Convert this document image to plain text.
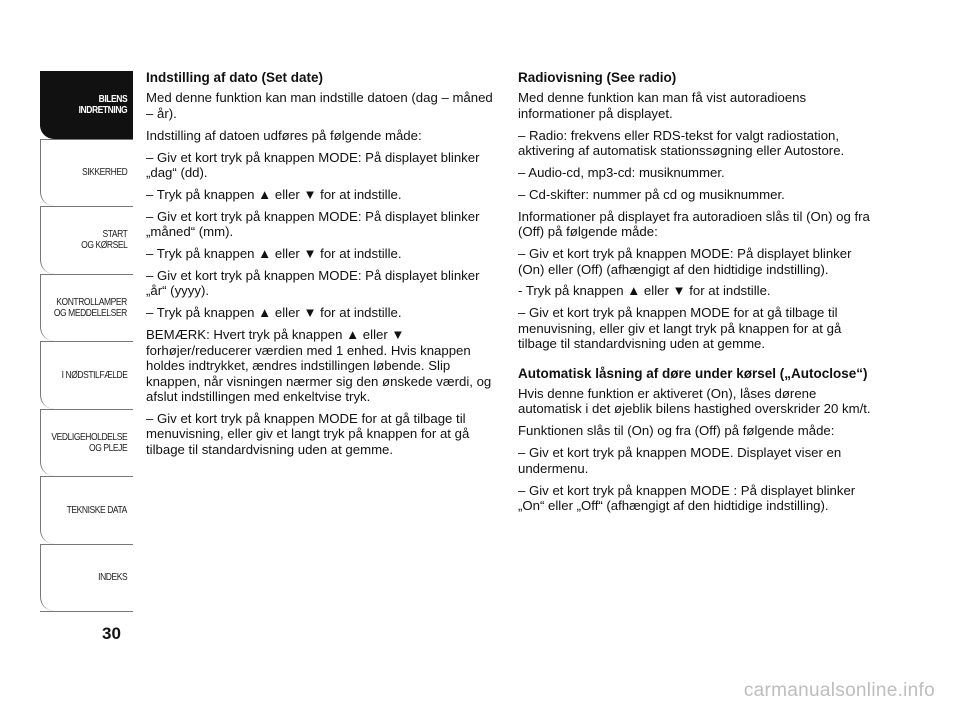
BILENS
INDRETNING
SIKKERHED
START
OG KØRSEL
KONTROLLAMPER
OG MEDDELELSER
I NØDSTILFÆLDE
VEDLIGEHOLDELSE
OG PLEJE
TEKNISKE DATA
INDEKS
30
Indstilling af dato (Set date)

Med denne funktion kan man indstille datoen (dag – måned – år).

Indstilling af datoen udføres på følgende måde:

– Giv et kort tryk på knappen MODE: På displayet blinker „dag“ (dd).

– Tryk på knappen ▲ eller ▼ for at indstille.

– Giv et kort tryk på knappen MODE: På displayet blinker „måned“ (mm).

– Tryk på knappen ▲ eller ▼ for at indstille.

– Giv et kort tryk på knappen MODE: På displayet blinker „år“ (yyyy).

– Tryk på knappen ▲ eller ▼ for at indstille.

BEMÆRK: Hvert tryk på knappen ▲ eller ▼ forhøjer/reducerer værdien med 1 enhed. Hvis knappen holdes indtrykket, ændres indstillingen løbende. Slip knappen, når visningen nærmer sig den ønskede værdi, og afslut indstillingen med enkeltvise tryk.

– Giv et kort tryk på knappen MODE for at gå tilbage til menuvisning, eller giv et langt tryk på knappen for at gå tilbage til standardvisning uden at gemme.

Radiovisning (See radio)

Med denne funktion kan man få vist autoradioens informationer på displayet.

– Radio: frekvens eller RDS-tekst for valgt radiostation, aktivering af automatisk stationssøgning eller Autostore.

– Audio-cd, mp3-cd: musiknummer.

– Cd-skifter: nummer på cd og musiknummer.

Informationer på displayet fra autoradioen slås til (On) og fra (Off) på følgende måde:

– Giv et kort tryk på knappen MODE: På displayet blinker (On) eller (Off) (afhængigt af den hidtidige indstilling).

- Tryk på knappen ▲ eller ▼ for at indstille.

– Giv et kort tryk på knappen MODE for at gå tilbage til menuvisning, eller giv et langt tryk på knappen for at gå tilbage til standardvisning uden at gemme.

Automatisk låsning af døre under kørsel („Autoclose“)

Hvis denne funktion er aktiveret (On), låses dørene automatisk i det øjeblik bilens hastighed overskrider 20 km/t.

Funktionen slås til (On) og fra (Off) på følgende måde:

– Giv et kort tryk på knappen MODE. Displayet viser en undermenu.

– Giv et kort tryk på knappen MODE : På displayet blinker „On“ eller „Off“ (afhængigt af den hidtidige indstilling).

carmanualsonline.info
